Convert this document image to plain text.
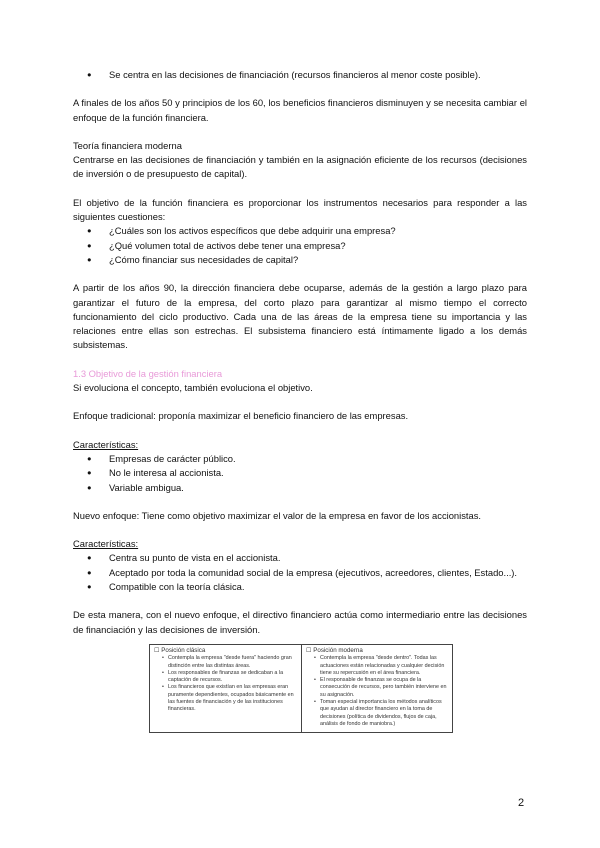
● Se centra en las decisiones de financiación (recursos financieros al menor coste posible).

A finales de los años 50 y principios de los 60, los beneficios financieros disminuyen y se necesita cambiar el enfoque de la función financiera.

Teoría financiera moderna

Centrarse en las decisiones de financiación y también en la asignación eficiente de los recursos (decisiones de inversión o de presupuesto de capital).

El objetivo de la función financiera es proporcionar los instrumentos necesarios para responder a las siguientes cuestiones:

● ¿Cuáles son los activos específicos que debe adquirir una empresa?
● ¿Qué volumen total de activos debe tener una empresa?
● ¿Cómo financiar sus necesidades de capital?

A partir de los años 90, la dirección financiera debe ocuparse, además de la gestión a largo plazo para garantizar el futuro de la empresa, del corto plazo para garantizar al mismo tiempo el correcto funcionamiento del ciclo productivo. Cada una de las áreas de la empresa tiene su importancia y las relaciones entre ellas son estrechas. El subsistema financiero está íntimamente ligado a los demás subsistemas.

1.3 Objetivo de la gestión financiera

Si evoluciona el concepto, también evoluciona el objetivo.

Enfoque tradicional: proponía maximizar el beneficio financiero de las empresas.

Características:

● Empresas de carácter público.
● No le interesa al accionista.
● Variable ambigua.

Nuevo enfoque: Tiene como objetivo maximizar el valor de la empresa en favor de los accionistas.

Características:

● Centra su punto de vista en el accionista.
● Aceptado por toda la comunidad social de la empresa (ejecutivos, acreedores, clientes, Estado...).
● Compatible con la teoría clásica.

De esta manera, con el nuevo enfoque, el directivo financiero actúa como intermediario entre las decisiones de financiación y las decisiones de inversión.

☐ Posición clásica
• Contempla la empresa "desde fuera" haciendo gran distinción entre las distintas áreas.
• Los responsables de finanzas se dedicaban a la captación de recursos.
• Los financieros que existían en las empresas eran puramente dependientes, ocupados básicamente en las fuentes de financiación y de las instituciones financieras.
☐ Posición moderna
• Contempla la empresa "desde dentro". Todas las actuaciones están relacionadas y cualquier decisión tiene su repercusión en el área financiera.
• El responsable de finanzas se ocupa de la consecución de recursos, pero también interviene en su asignación.
• Toman especial importancia los métodos analíticos que ayudan al director financiero en la toma de decisiones (política de dividendos, flujos de caja, análisis de fondo de maniobra.)
2
